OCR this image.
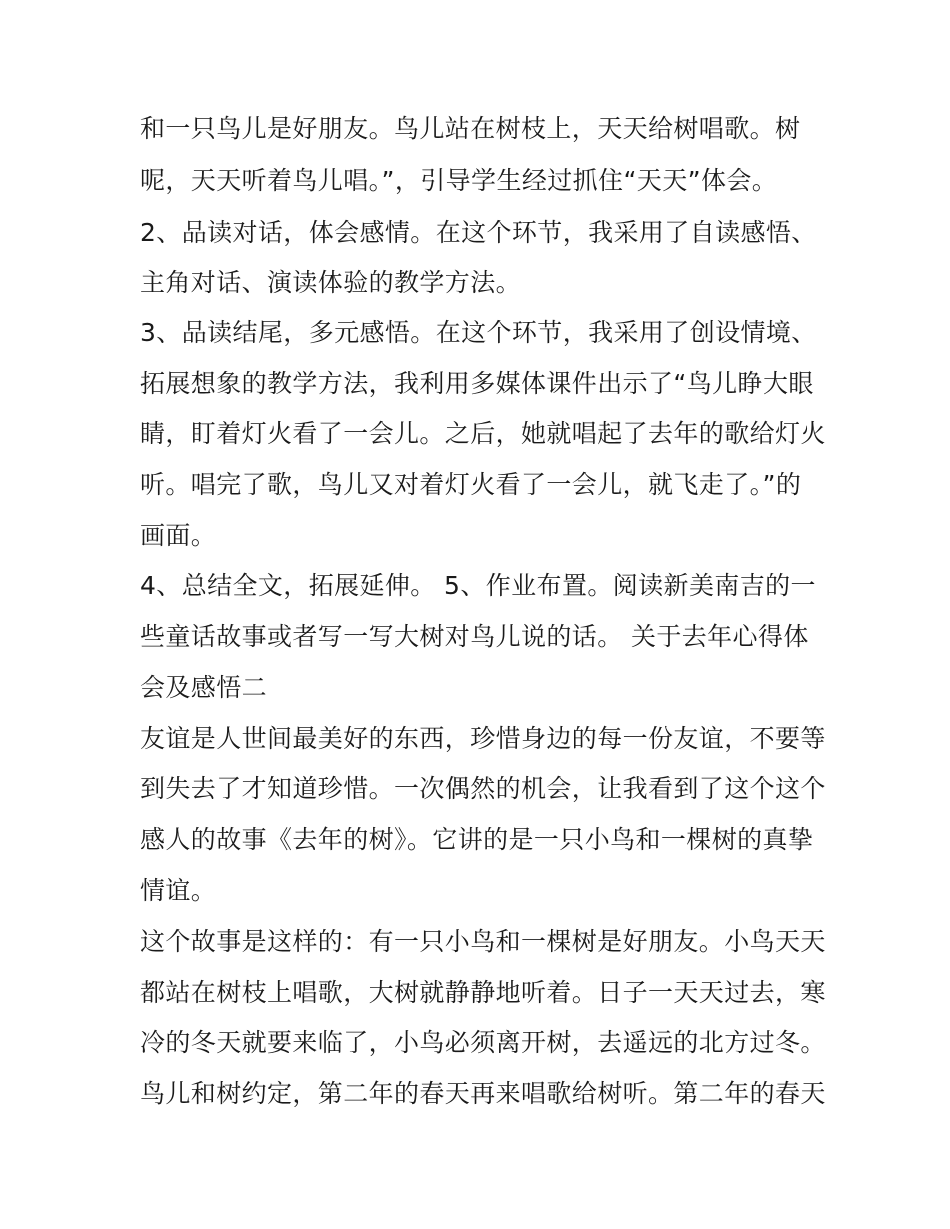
和一只鸟儿是好朋友。鸟儿站在树枝上，天天给树唱歌。树
呢，天天听着鸟儿唱。”，引导学生经过抓住“天天”体会。
2、品读对话，体会感情。在这个环节，我采用了自读感悟、
主角对话、演读体验的教学方法。
3、品读结尾，多元感悟。在这个环节，我采用了创设情境、
拓展想象的教学方法，我利用多媒体课件出示了“鸟儿睁大眼
睛，盯着灯火看了一会儿。之后，她就唱起了去年的歌给灯火
听。唱完了歌，鸟儿又对着灯火看了一会儿，就飞走了。”的
画面。
4、总结全文，拓展延伸。 5、作业布置。阅读新美南吉的一
些童话故事或者写一写大树对鸟儿说的话。 关于去年心得体
会及感悟二
友谊是人世间最美好的东西，珍惜身边的每一份友谊，不要等
到失去了才知道珍惜。一次偶然的机会，让我看到了这个这个
感人的故事《去年的树》。它讲的是一只小鸟和一棵树的真挚
情谊。
这个故事是这样的：有一只小鸟和一棵树是好朋友。小鸟天天
都站在树枝上唱歌，大树就静静地听着。日子一天天过去，寒
冷的冬天就要来临了，小鸟必须离开树，去遥远的北方过冬。
鸟儿和树约定，第二年的春天再来唱歌给树听。第二年的春天
